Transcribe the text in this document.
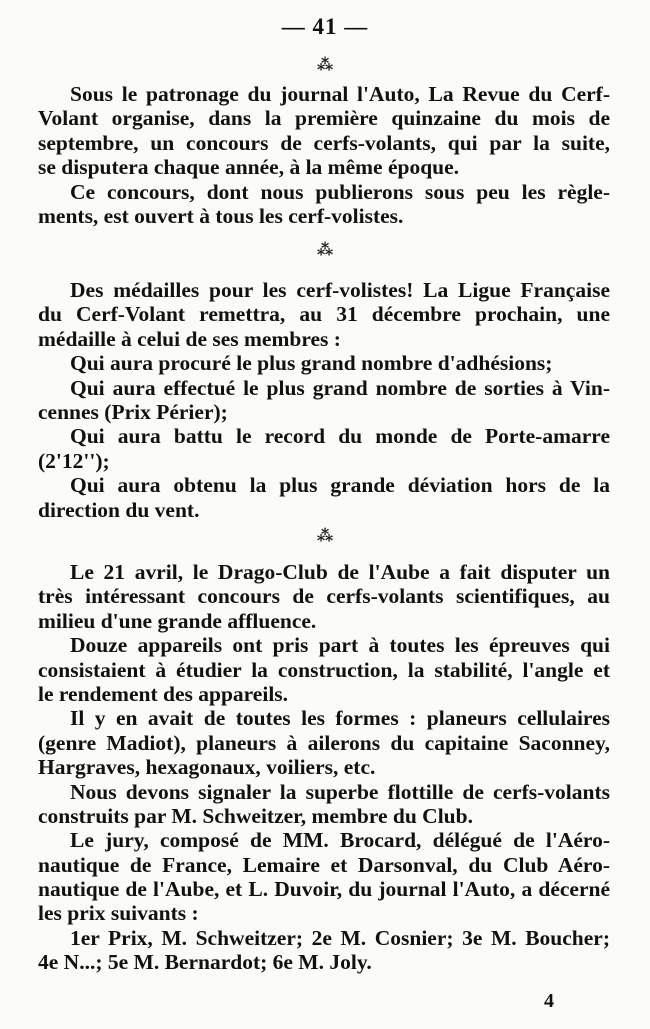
— 41 —
⁂
Sous le patronage du journal l'Auto, La Revue du Cerf-
Volant organise, dans la première quinzaine du mois de
septembre, un concours de cerfs-volants, qui par la suite,
se disputera chaque année, à la même époque.
Ce concours, dont nous publierons sous peu les règle-
ments, est ouvert à tous les cerf-volistes.
⁂
Des médailles pour les cerf-volistes! La Ligue Française
du Cerf-Volant remettra, au 31 décembre prochain, une
médaille à celui de ses membres :
Qui aura procuré le plus grand nombre d'adhésions;
Qui aura effectué le plus grand nombre de sorties à Vin-
cennes (Prix Périer);
Qui aura battu le record du monde de Porte-amarre
(2'12'');
Qui aura obtenu la plus grande déviation hors de la
direction du vent.
⁂
Le 21 avril, le Drago-Club de l'Aube a fait disputer un
très intéressant concours de cerfs-volants scientifiques, au
milieu d'une grande affluence.
Douze appareils ont pris part à toutes les épreuves qui
consistaient à étudier la construction, la stabilité, l'angle et
le rendement des appareils.
Il y en avait de toutes les formes : planeurs cellulaires
(genre Madiot), planeurs à ailerons du capitaine Saconney,
Hargraves, hexagonaux, voiliers, etc.
Nous devons signaler la superbe flottille de cerfs-volants
construits par M. Schweitzer, membre du Club.
Le jury, composé de MM. Brocard, délégué de l'Aéro-
nautique de France, Lemaire et Darsonval, du Club Aéro-
nautique de l'Aube, et L. Duvoir, du journal l'Auto, a décerné
les prix suivants :
1er Prix, M. Schweitzer; 2e M. Cosnier; 3e M. Boucher;
4e N...; 5e M. Bernardot; 6e M. Joly.
4
